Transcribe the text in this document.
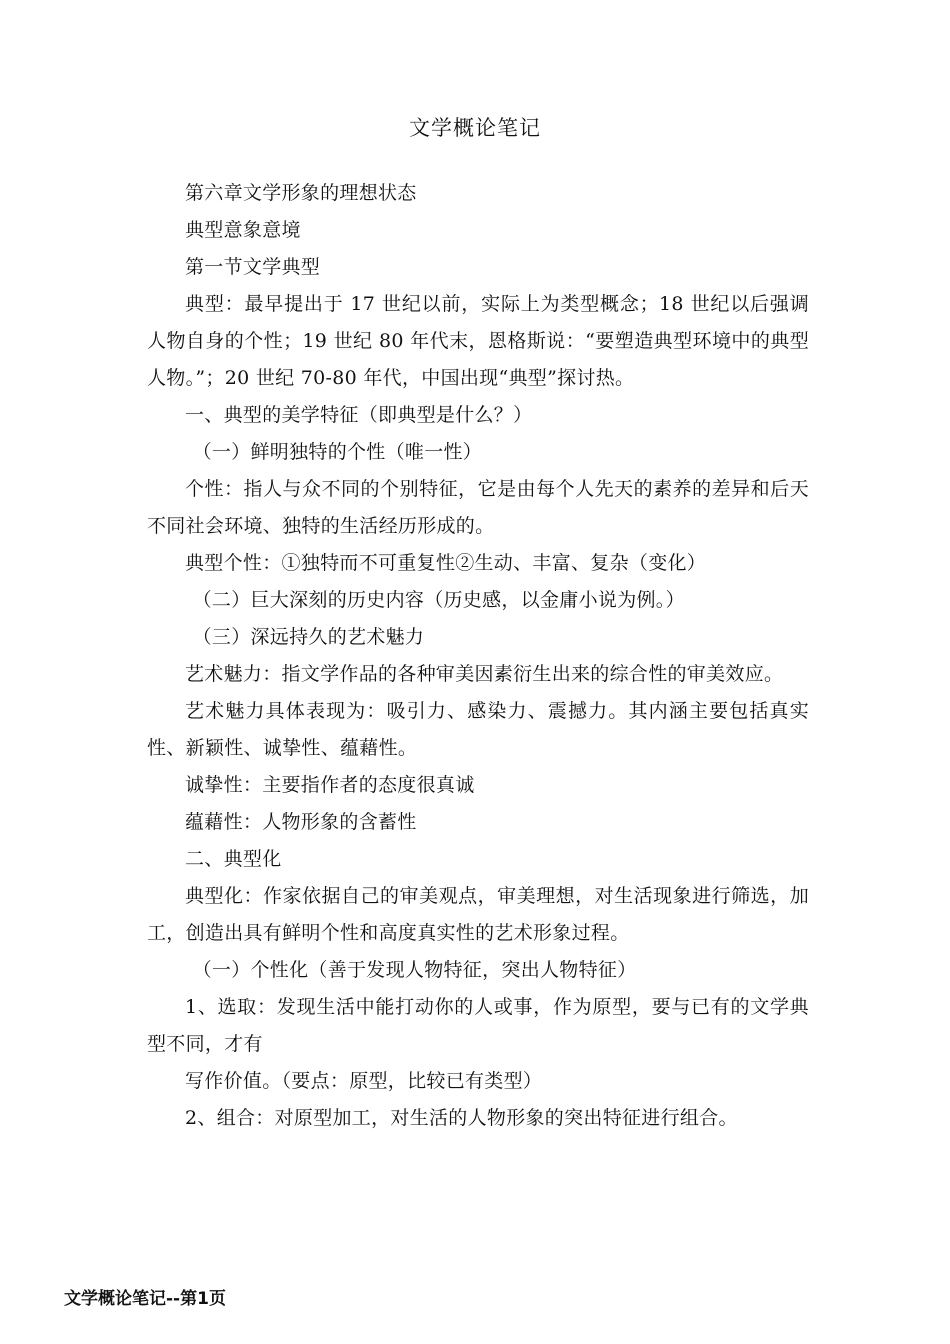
文学概论笔记

第六章文学形象的理想状态

典型意象意境

第一节文学典型

典型：最早提出于 17 世纪以前，实际上为类型概念；18 世纪以后强调人物自身的个性；19 世纪 80 年代末，恩格斯说：“要塑造典型环境中的典型人物。”；20 世纪 70-80 年代，中国出现“典型”探讨热。

一、典型的美学特征（即典型是什么？）

（一）鲜明独特的个性（唯一性）

个性：指人与众不同的个别特征，它是由每个人先天的素养的差异和后天不同社会环境、独特的生活经历形成的。

典型个性：①独特而不可重复性②生动、丰富、复杂（变化）

（二）巨大深刻的历史内容（历史感，以金庸小说为例。）

（三）深远持久的艺术魅力

艺术魅力：指文学作品的各种审美因素衍生出来的综合性的审美效应。

艺术魅力具体表现为：吸引力、感染力、震撼力。其内涵主要包括真实性、新颖性、诚挚性、蕴藉性。

诚挚性：主要指作者的态度很真诚

蕴藉性：人物形象的含蓄性

二、典型化

典型化：作家依据自己的审美观点，审美理想，对生活现象进行筛选，加工，创造出具有鲜明个性和高度真实性的艺术形象过程。

（一）个性化（善于发现人物特征，突出人物特征）

1、选取：发现生活中能打动你的人或事，作为原型，要与已有的文学典型不同，才有

写作价值。（要点：原型，比较已有类型）

2、组合：对原型加工，对生活的人物形象的突出特征进行组合。

文学概论笔记--第1页
